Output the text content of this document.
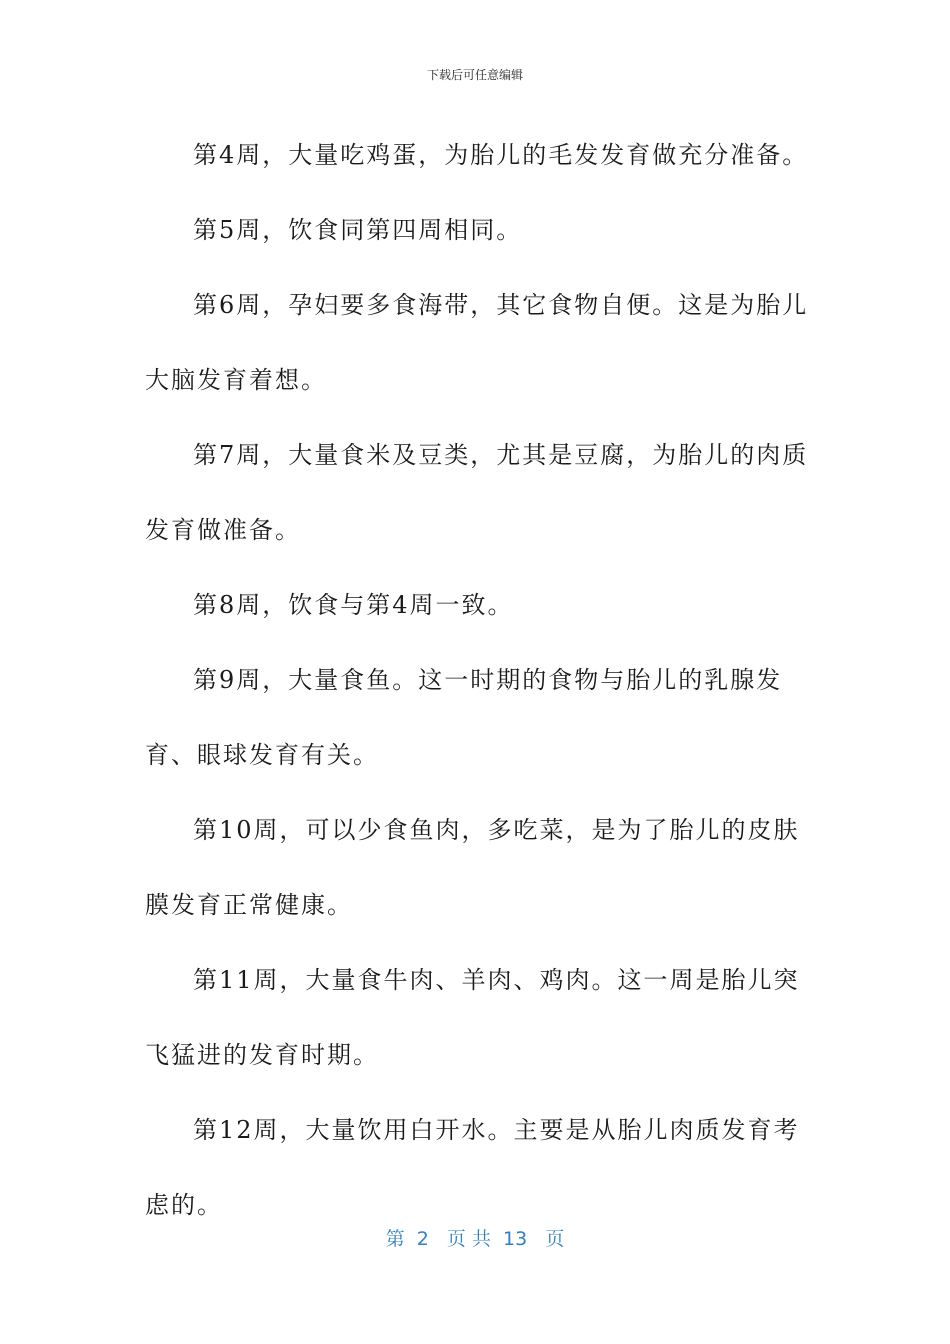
下载后可任意编辑

第4周，大量吃鸡蛋，为胎儿的毛发发育做充分准备。

第5周，饮食同第四周相同。

第6周，孕妇要多食海带，其它食物自便。这是为胎儿大脑发育着想。

第7周，大量食米及豆类，尤其是豆腐，为胎儿的肉质发育做准备。

第8周，饮食与第4周一致。

第9周，大量食鱼。这一时期的食物与胎儿的乳腺发育、眼球发育有关。

第10周，可以少食鱼肉，多吃菜，是为了胎儿的皮肤膜发育正常健康。

第11周，大量食牛肉、羊肉、鸡肉。这一周是胎儿突飞猛进的发育时期。

第12周，大量饮用白开水。主要是从胎儿肉质发育考虑的。

第  2   页 共  13   页
